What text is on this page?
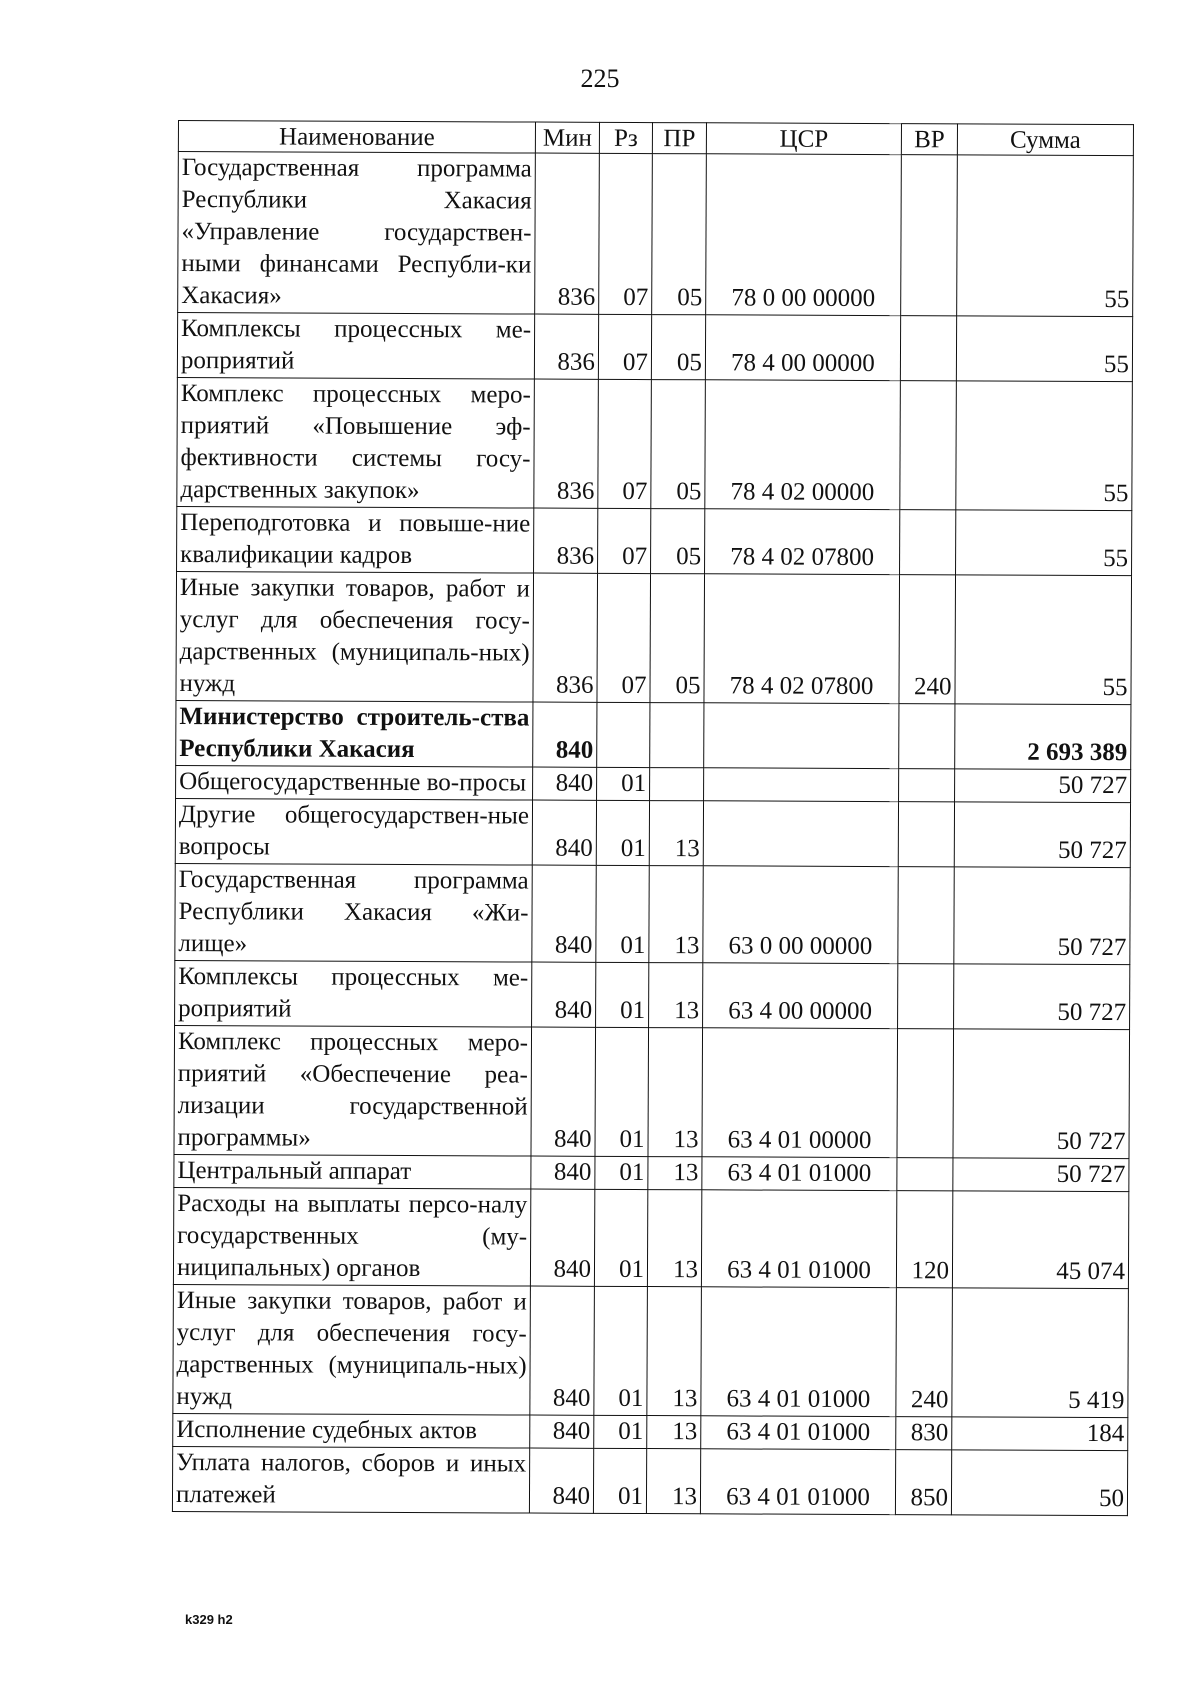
225
Наименование	Мин	Рз	ПР	ЦСР	ВР	Сумма
Государственная программа Республики Хакасия «Управление государствен-ными финансами Республи-ки Хакасия»	836	07	05	78 0 00 00000		55
Комплексы процессных ме-роприятий	836	07	05	78 4 00 00000		55
Комплекс процессных меро-приятий «Повышение эф-фективности системы госу-дарственных закупок»	836	07	05	78 4 02 00000		55
Переподготовка и повыше-ние квалификации кадров	836	07	05	78 4 02 07800		55
Иные закупки товаров, работ и услуг для обеспечения госу-дарственных (муниципаль-ных) нужд	836	07	05	78 4 02 07800	240	55
Министерство строитель-ства Республики Хакасия	840					2 693 389
Общегосударственные во-просы	840	01				50 727
Другие общегосударствен-ные вопросы	840	01	13			50 727
Государственная программа Республики Хакасия «Жи-лище»	840	01	13	63 0 00 00000		50 727
Комплексы процессных ме-роприятий	840	01	13	63 4 00 00000		50 727
Комплекс процессных меро-приятий «Обеспечение реа-лизации государственной программы»	840	01	13	63 4 01 00000		50 727
Центральный аппарат	840	01	13	63 4 01 01000		50 727
Расходы на выплаты персо-налу государственных (му-ниципальных) органов	840	01	13	63 4 01 01000	120	45 074
Иные закупки товаров, работ и услуг для обеспечения госу-дарственных (муниципаль-ных) нужд	840	01	13	63 4 01 01000	240	5 419
Исполнение судебных актов	840	01	13	63 4 01 01000	830	184
Уплата налогов, сборов и иных платежей	840	01	13	63 4 01 01000	850	50
k329 h2
